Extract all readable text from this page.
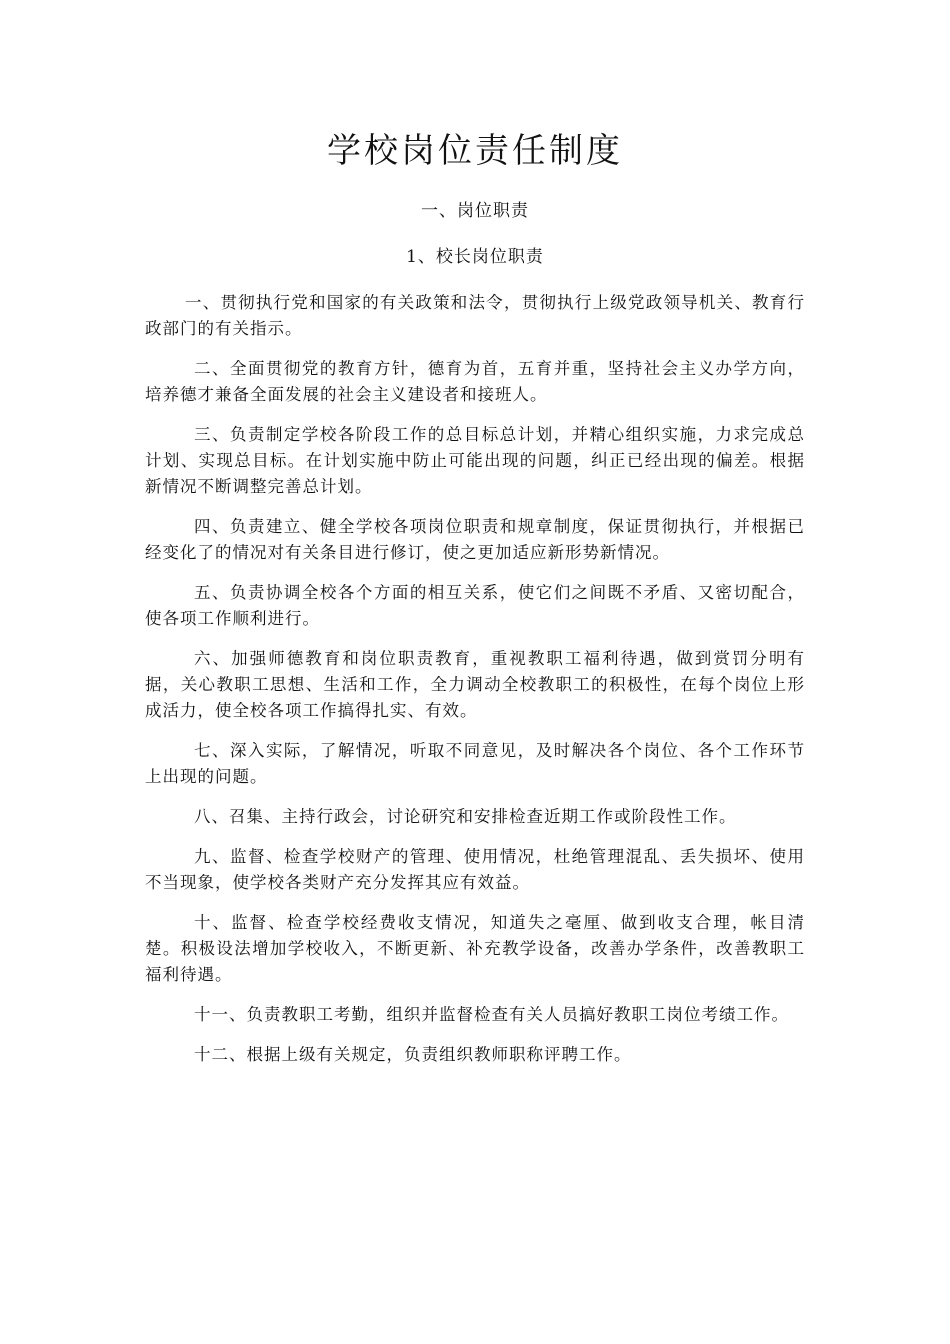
学校岗位责任制度

一、岗位职责

1、校长岗位职责

一、贯彻执行党和国家的有关政策和法令，贯彻执行上级党政领导机关、教育行政部门的有关指示。

二、全面贯彻党的教育方针，德育为首，五育并重，坚持社会主义办学方向，培养德才兼备全面发展的社会主义建设者和接班人。

三、负责制定学校各阶段工作的总目标总计划，并精心组织实施，力求完成总计划、实现总目标。在计划实施中防止可能出现的问题，纠正已经出现的偏差。根据新情况不断调整完善总计划。

四、负责建立、健全学校各项岗位职责和规章制度，保证贯彻执行，并根据已经变化了的情况对有关条目进行修订，使之更加适应新形势新情况。

五、负责协调全校各个方面的相互关系，使它们之间既不矛盾、又密切配合，使各项工作顺利进行。

六、加强师德教育和岗位职责教育，重视教职工福利待遇，做到赏罚分明有据，关心教职工思想、生活和工作，全力调动全校教职工的积极性，在每个岗位上形成活力，使全校各项工作搞得扎实、有效。

七、深入实际，了解情况，听取不同意见，及时解决各个岗位、各个工作环节上出现的问题。

八、召集、主持行政会，讨论研究和安排检查近期工作或阶段性工作。

九、监督、检查学校财产的管理、使用情况，杜绝管理混乱、丢失损坏、使用不当现象，使学校各类财产充分发挥其应有效益。

十、监督、检查学校经费收支情况，知道失之毫厘、做到收支合理，帐目清楚。积极设法增加学校收入，不断更新、补充教学设备，改善办学条件，改善教职工福利待遇。

十一、负责教职工考勤，组织并监督检查有关人员搞好教职工岗位考绩工作。

十二、根据上级有关规定，负责组织教师职称评聘工作。
